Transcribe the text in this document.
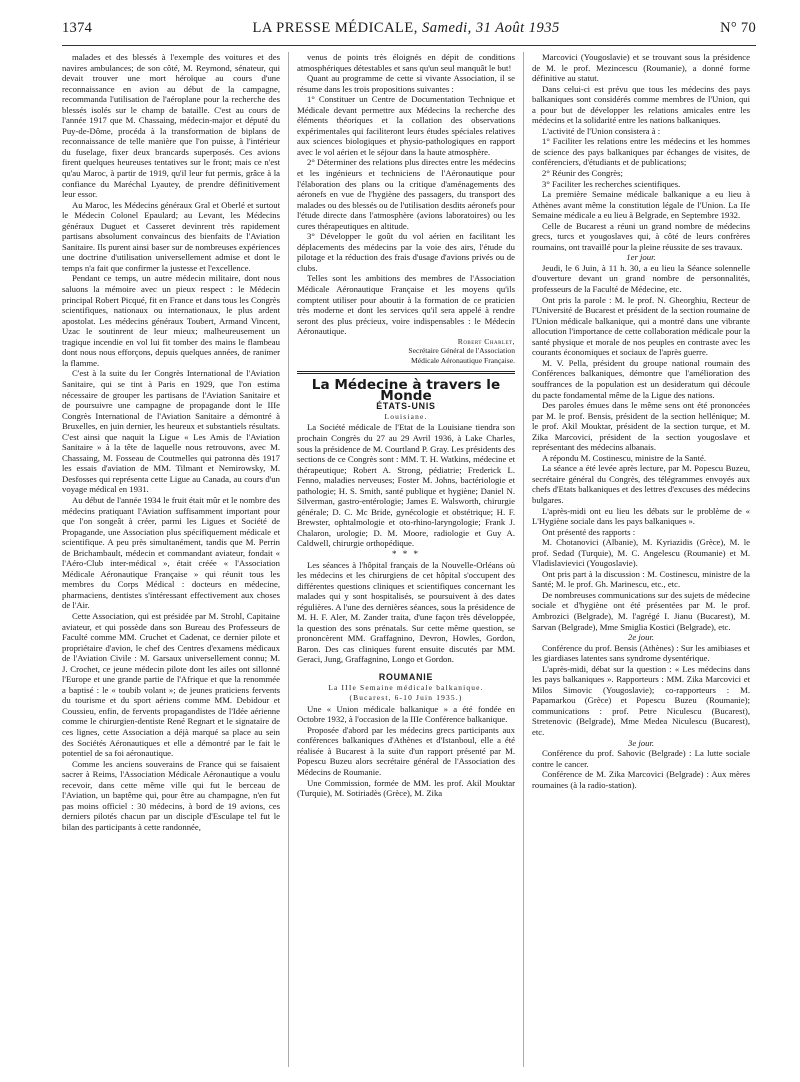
1374	LA PRESSE MÉDICALE, Samedi, 31 Août 1935	N° 70

malades et des blessés à l'exemple des voitures et des navires ambulances; de son côté, M. Reymond, sénateur, qui devait trouver une mort héroïque au cours d'une reconnaissance en avion au début de la campagne, recommanda l'utilisation de l'aéroplane pour la recherche des blessés isolés sur le champ de bataille. C'est au cours de l'année 1917 que M. Chassaing, médecin-major et député du Puy-de-Dôme, procéda à la transformation de biplans de reconnaissance de telle manière que l'on puisse, à l'intérieur du fuselage, fixer deux brancards superposés. Ces avions firent quelques heureuses tentatives sur le front; mais ce n'est qu'au Maroc, à partir de 1919, qu'il leur fut permis, grâce à la confiance du Maréchal Lyautey, de prendre définitivement leur essor.

Au Maroc, les Médecins généraux Gral et Oberlé et surtout le Médecin Colonel Epaulard; au Levant, les Médecins généraux Duguet et Casseret devinrent très rapidement partisans absolument convaincus des bienfaits de l'Aviation Sanitaire. Ils purent ainsi baser sur de nombreuses expériences une doctrine d'utilisation universellement admise et dont le temps n'a fait que confirmer la justesse et l'excellence.

Pendant ce temps, un autre médecin militaire, dont nous saluons la mémoire avec un pieux respect : le Médecin principal Robert Picqué, fit en France et dans tous les Congrès scientifiques, nationaux ou internationaux, le plus ardent apostolat. Les médecins généraux Toubert, Armand Vincent, Uzac le soutinrent de leur mieux; malheureusement un tragique incendie en vol lui fit tomber des mains le flambeau dont nous nous efforçons, depuis quelques années, de ranimer la flamme.

C'est à la suite du Ier Congrès International de l'Aviation Sanitaire, qui se tint à Paris en 1929, que l'on estima nécessaire de grouper les partisans de l'Aviation Sanitaire et de poursuivre une campagne de propagande dont le IIIe Congrès International de l'Aviation Sanitaire a démontré à Bruxelles, en juin dernier, les heureux et substantiels résultats. C'est ainsi que naquit la Ligue « Les Amis de l'Aviation Sanitaire » à la tête de laquelle nous retrouvons, avec M. Chassaing, M. Fosseau de Coutmelles qui patronna dès 1917 les essais d'aviation de MM. Tilmant et Nemirowsky, M. Desfosses qui représenta cette Ligue au Canada, au cours d'un voyage médical en 1931.

Au début de l'année 1934 le fruit était mûr et le nombre des médecins pratiquant l'Aviation suffisamment important pour que l'on songeât à créer, parmi les Ligues et Société de Propagande, une Association plus spécifiquement médicale et scientifique. A peu près simultanément, tandis que M. Perrin de Brichambault, médecin et commandant aviateur, fondait « l'Aéro-Club inter-médical », était créée « l'Association Médicale Aéronautique Française » qui réunit tous les membres du Corps Médical : docteurs en médecine, pharmaciens, dentistes s'intéressant effectivement aux choses de l'Air.

Cette Association, qui est présidée par M. Strohl, Capitaine aviateur, et qui possède dans son Bureau des Professeurs de Faculté comme MM. Cruchet et Cadenat, ce dernier pilote et propriétaire d'avion, le chef des Centres d'examens médicaux de l'Aviation Civile : M. Garsaux universellement connu; M. J. Crochet, ce jeune médecin pilote dont les ailes ont sillonné l'Europe et une grande partie de l'Afrique et que la renommée a baptisé : le « toubib volant »; de jeunes praticiens fervents du tourisme et du sport aériens comme MM. Debidour et Coussieu, enfin, de fervents propagandistes de l'Idée aérienne comme le chirurgien-dentiste René Regnart et le signataire de ces lignes, cette Association a déjà marqué sa place au sein des Sociétés Aéronautiques et elle a démontré par le fait le potentiel de sa foi aéronautique.

Comme les anciens souverains de France qui se faisaient sacrer à Reims, l'Association Médicale Aéronautique a voulu recevoir, dans cette même ville qui fut le berceau de l'Aviation, un baptême qui, pour être au champagne, n'en fut pas moins officiel : 30 médecins, à bord de 19 avions, ces derniers pilotés chacun par un disciple d'Esculape tel fut le bilan des participants à cette randonnée,

venus de points très éloignés en dépit de conditions atmosphériques détestables et sans qu'un seul manquât le but!

Quant au programme de cette si vivante Association, il se résume dans les trois propositions suivantes :

1° Constituer un Centre de Documentation Technique et Médicale devant permettre aux Médecins la recherche des éléments théoriques et la collation des observations expérimentales qui faciliteront leurs études spéciales relatives aux sciences biologiques et physio-pathologiques en rapport avec le vol aérien et le séjour dans la haute atmosphère.

2° Déterminer des relations plus directes entre les médecins et les ingénieurs et techniciens de l'Aéronautique pour l'élaboration des plans ou la critique d'aménagements des aéronefs en vue de l'hygiène des passagers, du transport des malades ou des blessés ou de l'utilisation desdits aéronefs pour l'étude directe dans l'atmosphère (avions laboratoires) ou les cures thérapeutiques en altitude.

3° Développer le goût du vol aérien en facilitant les déplacements des médecins par la voie des airs, l'étude du pilotage et la réduction des frais d'usage d'avions privés ou de clubs.

Telles sont les ambitions des membres de l'Association Médicale Aéronautique Française et les moyens qu'ils comptent utiliser pour aboutir à la formation de ce praticien très moderne et dont les services qu'il sera appelé à rendre seront des plus précieux, voire indispensables : le Médecin Aéronautique.

Robert Charlet,

Secrétaire Général de l'Association

Médicale Aéronautique Française.

La Médecine à travers le Monde

ÉTATS-UNIS

Louisiane.

La Société médicale de l'Etat de la Louisiane tiendra son prochain Congrès du 27 au 29 Avril 1936, à Lake Charles, sous la présidence de M. Courtland P. Gray. Les présidents des sections de ce Congrès sont : MM. T. H. Watkins, médecine et thérapeutique; Robert A. Strong, pédiatrie; Frederick L. Fenno, maladies nerveuses; Foster M. Johns, bactériologie et pathologie; H. S. Smith, santé publique et hygiène; Daniel N. Silverman, gastro-entérologie; James E. Walsworth, chirurgie générale; D. C. Mc Bride, gynécologie et obstétrique; H. F. Brewster, ophtalmologie et oto-rhino-laryngologie; Frank J. Chalaron, urologie; D. M. Moore, radiologie et Guy A. Caldwell, chirurgie orthopédique.

* * *

Les séances à l'hôpital français de la Nouvelle-Orléans où les médecins et les chirurgiens de cet hôpital s'occupent des différentes questions cliniques et scientifiques concernant les malades qui y sont hospitalisés, se poursuivent à des dates régulières. A l'une des dernières séances, sous la présidence de M. H. F. Aler, M. Zander traita, d'une façon très développée, la question des sons prénatals. Sur cette même question, se prononcèrent MM. Graffagnino, Devron, Howles, Gordon, Baron. Des cas cliniques furent ensuite discutés par MM. Geraci, Jung, Graffagnino, Longo et Gordon.

ROUMANIE

La IIIe Semaine médicale balkanique.

(Bucarest, 6-10 Juin 1935.)

Une « Union médicale balkanique » a été fondée en Octobre 1932, à l'occasion de la IIIe Conférence balkanique.

Proposée d'abord par les médecins grecs participants aux conférences balkaniques d'Athènes et d'Istanboul, elle a été réalisée à Bucarest à la suite d'un rapport présenté par M. Popescu Buzeu alors secrétaire général de l'Association des Médecins de Roumanie.

Une Commission, formée de MM. les prof. Akil Mouktar (Turquie), M. Sotiriadès (Grèce), M. Zika

Marcovici (Yougoslavie) et se trouvant sous la présidence de M. le prof. Mezincescu (Roumanie), a donné forme définitive au statut.

Dans celui-ci est prévu que tous les médecins des pays balkaniques sont considérés comme membres de l'Union, qui a pour but de développer les relations amicales entre les médecins et la solidarité entre les nations balkaniques.

L'activité de l'Union consistera à :

1° Faciliter les relations entre les médecins et les hommes de science des pays balkaniques par échanges de visites, de conférenciers, d'étudiants et de publications;

2° Réunir des Congrès;

3° Faciliter les recherches scientifiques.

La première Semaine médicale balkanique a eu lieu à Athènes avant même la constitution légale de l'Union. La IIe Semaine médicale a eu lieu à Belgrade, en Septembre 1932.

Celle de Bucarest a réuni un grand nombre de médecins grecs, turcs et yougoslaves qui, à côté de leurs confrères roumains, ont travaillé pour la pleine réussite de ses travaux.

1er jour.

Jeudi, le 6 Juin, à 11 h. 30, a eu lieu la Séance solennelle d'ouverture devant un grand nombre de personnalités, professeurs de la Faculté de Médecine, etc.

Ont pris la parole : M. le prof. N. Gheorghiu, Recteur de l'Université de Bucarest et président de la section roumaine de l'Union médicale balkanique, qui a montré dans une vibrante allocution l'importance de cette collaboration médicale pour la santé physique et morale de nos peuples en contraste avec les courants économiques et sociaux de l'après guerre.

M. V. Pella, président du groupe national roumain des Conférences balkaniques, démontre que l'amélioration des souffrances de la population est un desideratum qui découle du pacte fondamental même de la Ligue des nations.

Des paroles émues dans le même sens ont été prononcées par M. le prof. Bensis, président de la section hellénique; M. le prof. Akil Mouktar, président de la section turque, et M. Zika Marcovici, président de la section yougoslave et représentant des médecins albanais.

A répondu M. Costinescu, ministre de la Santé.

La séance a été levée après lecture, par M. Popescu Buzeu, secrétaire général du Congrès, des télégrammes envoyés aux chefs d'Etats balkaniques et des lettres d'excuses des médecins bulgares.

L'après-midi ont eu lieu les débats sur le problème de « L'Hygiène sociale dans les pays balkaniques ».

Ont présenté des rapports :

M. Chotanovici (Albanie), M. Kyriazidis (Grèce), M. le prof. Sedad (Turquie), M. C. Angelescu (Roumanie) et M. Vladislavievici (Yougoslavie).

Ont pris part à la discussion : M. Costinescu, ministre de la Santé; M. le prof. Gh. Marinescu, etc., etc.

De nombreuses communications sur des sujets de médecine sociale et d'hygiène ont été présentées par M. le prof. Ambrozici (Belgrade), M. l'agrégé I. Jianu (Bucarest), M. Sarvan (Belgrade), Mme Smiglia Kostici (Belgrade), etc.

2e jour.

Conférence du prof. Bensis (Athènes) : Sur les amibiases et les giardiases latentes sans syndrome dysentérique.

L'après-midi, débat sur la question : « Les médecins dans les pays balkaniques ». Rapporteurs : MM. Zika Marcovici et Milos Simovic (Yougoslavie); co-rapporteurs : M. Papamarkou (Grèce) et Popescu Buzeu (Roumanie); communications : prof. Petre Niculescu (Bucarest), Stretenovic (Belgrade), Mme Medea Niculescu (Bucarest), etc.

3e jour.

Conférence du prof. Sahovic (Belgrade) : La lutte sociale contre le cancer.

Conférence de M. Zika Marcovici (Belgrade) : Aux mères roumaines (à la radio-station).
